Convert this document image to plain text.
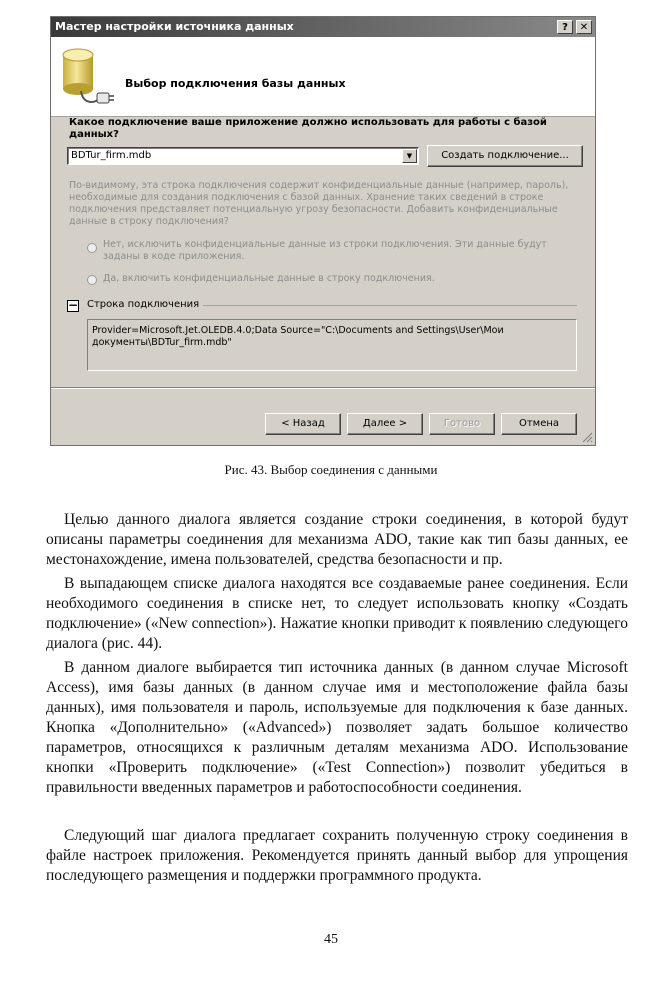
Мастер настройки источника данных	?	✕
Выбор подключения базы данных
Какое подключение ваше приложение должно использовать для работы с базой данных?
BDTur_firm.mdb	▼	Создать подключение...
По-видимому, эта строка подключения содержит конфиденциальные данные (например, пароль), необходимые для создания подключения с базой данных. Хранение таких сведений в строке подключения представляет потенциальную угрозу безопасности. Добавить конфиденциальные данные в строку подключения?
Нет, исключить конфиденциальные данные из строки подключения. Эти данные будут заданы в коде приложения.
Да, включить конфиденциальные данные в строку подключения.
− Строка подключения
Provider=Microsoft.Jet.OLEDB.4.0;Data Source="C:\Documents and Settings\User\Мои документы\BDTur_firm.mdb"
< Назад	Далее >	Готово	Отмена
Рис. 43. Выбор соединения с данными

Целью данного диалога является создание строки соединения, в которой будут описаны параметры соединения для механизма ADO, такие как тип базы данных, ее местонахождение, имена пользователей, средства безопасности и пр.

В выпадающем списке диалога находятся все создаваемые ранее соединения. Если необходимого соединения в списке нет, то следует использовать кнопку «Создать подключение» («New connection»). Нажатие кнопки приводит к появлению следующего диалога (рис. 44).

В данном диалоге выбирается тип источника данных (в данном случае Microsoft Access), имя базы данных (в данном случае имя и местоположение файла базы данных), имя пользователя и пароль, используемые для подключения к базе данных. Кнопка «Дополнительно» («Advanced») позволяет задать большое количество параметров, относящихся к различным деталям механизма ADO. Использование кнопки «Проверить подключение» («Test Connection») позволит убедиться в правильности введенных параметров и работоспособности соединения.

Следующий шаг диалога предлагает сохранить полученную строку соединения в файле настроек приложения. Рекомендуется принять данный выбор для упрощения последующего размещения и поддержки программного продукта.

45
